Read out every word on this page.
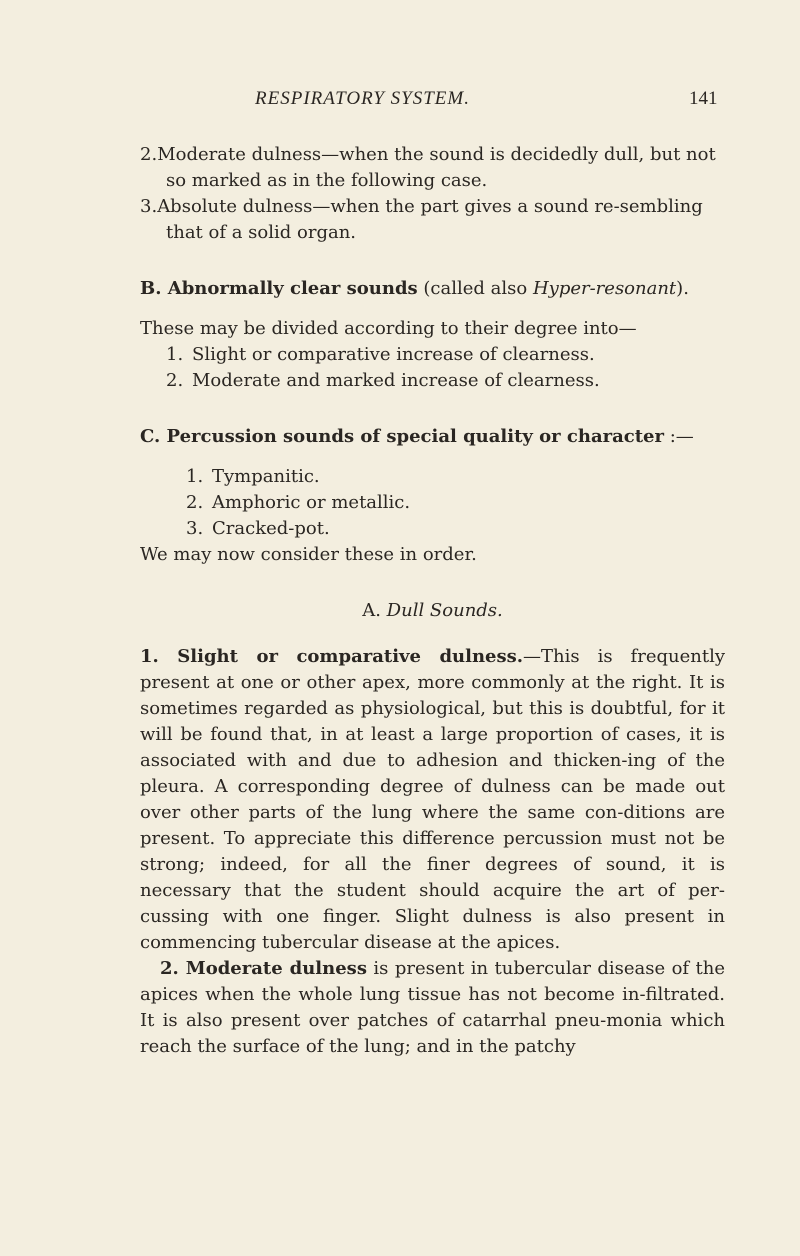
RESPIRATORY SYSTEM.	141

2.Moderate dulness—when the sound is decidedly dull, but not so marked as in the following case.

3.Absolute dulness—when the part gives a sound re-sembling that of a solid organ.

B. Abnormally clear sounds (called also Hyper-resonant).

These may be divided according to their degree into—

1. Slight or comparative increase of clearness.

2. Moderate and marked increase of clearness.

C. Percussion sounds of special quality or character :—

1. Tympanitic.

2. Amphoric or metallic.

3. Cracked-pot.

We may now consider these in order.

A. Dull Sounds.

1. Slight or comparative dulness.—This is frequently present at one or other apex, more commonly at the right. It is sometimes regarded as physiological, but this is doubtful, for it will be found that, in at least a large proportion of cases, it is associated with and due to adhesion and thicken-ing of the pleura. A corresponding degree of dulness can be made out over other parts of the lung where the same con-ditions are present. To appreciate this difference percussion must not be strong; indeed, for all the finer degrees of sound, it is necessary that the student should acquire the art of per-cussing with one finger. Slight dulness is also present in commencing tubercular disease at the apices.

2. Moderate dulness is present in tubercular disease of the apices when the whole lung tissue has not become in-filtrated. It is also present over patches of catarrhal pneu-monia which reach the surface of the lung; and in the patchy
